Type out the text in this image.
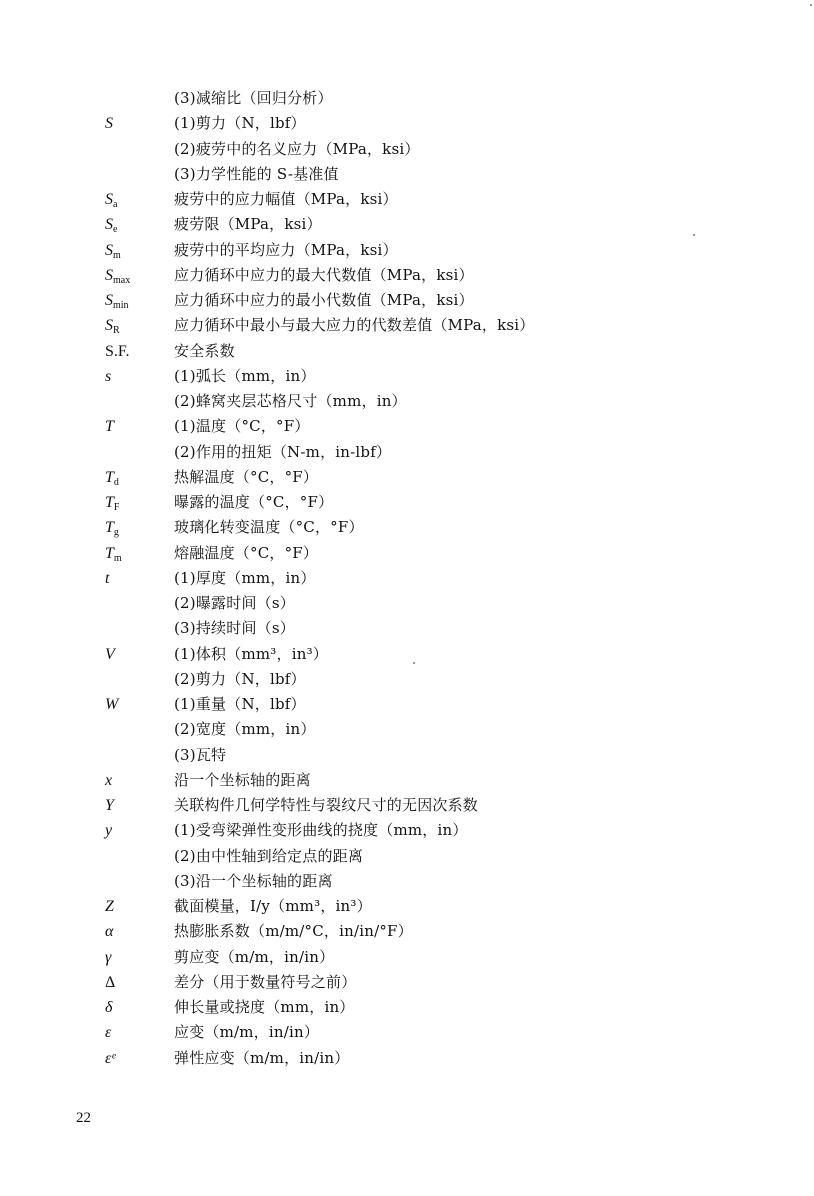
(3)减缩比（回归分析）
S	(1)剪力（N，lbf）
(2)疲劳中的名义应力（MPa，ksi）
(3)力学性能的 S-基准值
$S_a$	疲劳中的应力幅值（MPa，ksi）
$S_e$	疲劳限（MPa，ksi）
$S_m$	疲劳中的平均应力（MPa，ksi）
$S_{max}$	应力循环中应力的最大代数值（MPa，ksi）
$S_{min}$	应力循环中应力的最小代数值（MPa，ksi）
$S_R$	应力循环中最小与最大应力的代数差值（MPa，ksi）
S.F.	安全系数
s	(1)弧长（mm，in）
(2)蜂窝夹层芯格尺寸（mm，in）
T	(1)温度（°C，°F）
(2)作用的扭矩（N-m，in-lbf）
$T_d$	热解温度（°C，°F）
$T_F$	曝露的温度（°C，°F）
$T_g$	玻璃化转变温度（°C，°F）
$T_m$	熔融温度（°C，°F）
t	(1)厚度（mm，in）
(2)曝露时间（s）
(3)持续时间（s）
V	(1)体积（mm³，in³）
(2)剪力（N，lbf）
W	(1)重量（N，lbf）
(2)宽度（mm，in）
(3)瓦特
x	沿一个坐标轴的距离
Y	关联构件几何学特性与裂纹尺寸的无因次系数
y	(1)受弯梁弹性变形曲线的挠度（mm，in）
(2)由中性轴到给定点的距离
(3)沿一个坐标轴的距离
Z	截面模量，I/y（mm³，in³）
α	热膨胀系数（m/m/°C，in/in/°F）
γ	剪应变（m/m，in/in）
Δ	差分（用于数量符号之前）
δ	伸长量或挠度（mm，in）
ε	应变（m/m，in/in）
εᵉ	弹性应变（m/m，in/in）
22
